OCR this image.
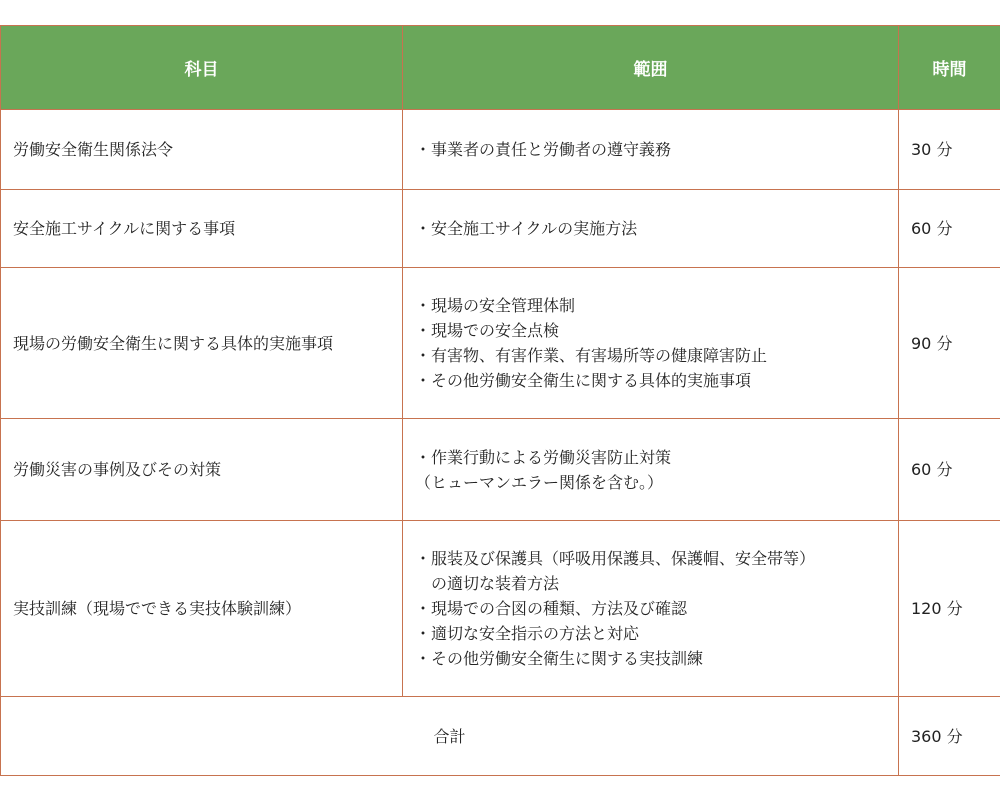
科目	範囲	時間
労働安全衛生関係法令	・事業者の責任と労働者の遵守義務	30 分
安全施工サイクルに関する事項	・安全施工サイクルの実施方法	60 分
現場の労働安全衛生に関する具体的実施事項	・現場の安全管理体制
・現場での安全点検
・有害物、有害作業、有害場所等の健康障害防止
・その他労働安全衛生に関する具体的実施事項	90 分
労働災害の事例及びその対策	・作業行動による労働災害防止対策
（ヒューマンエラー関係を含む。）	60 分
実技訓練（現場でできる実技体験訓練）	・服装及び保護具（呼吸用保護具、保護帽、安全帯等）
　の適切な装着方法
・現場での合図の種類、方法及び確認
・適切な安全指示の方法と対応
・その他労働安全衛生に関する実技訓練	120 分
合計		360 分
